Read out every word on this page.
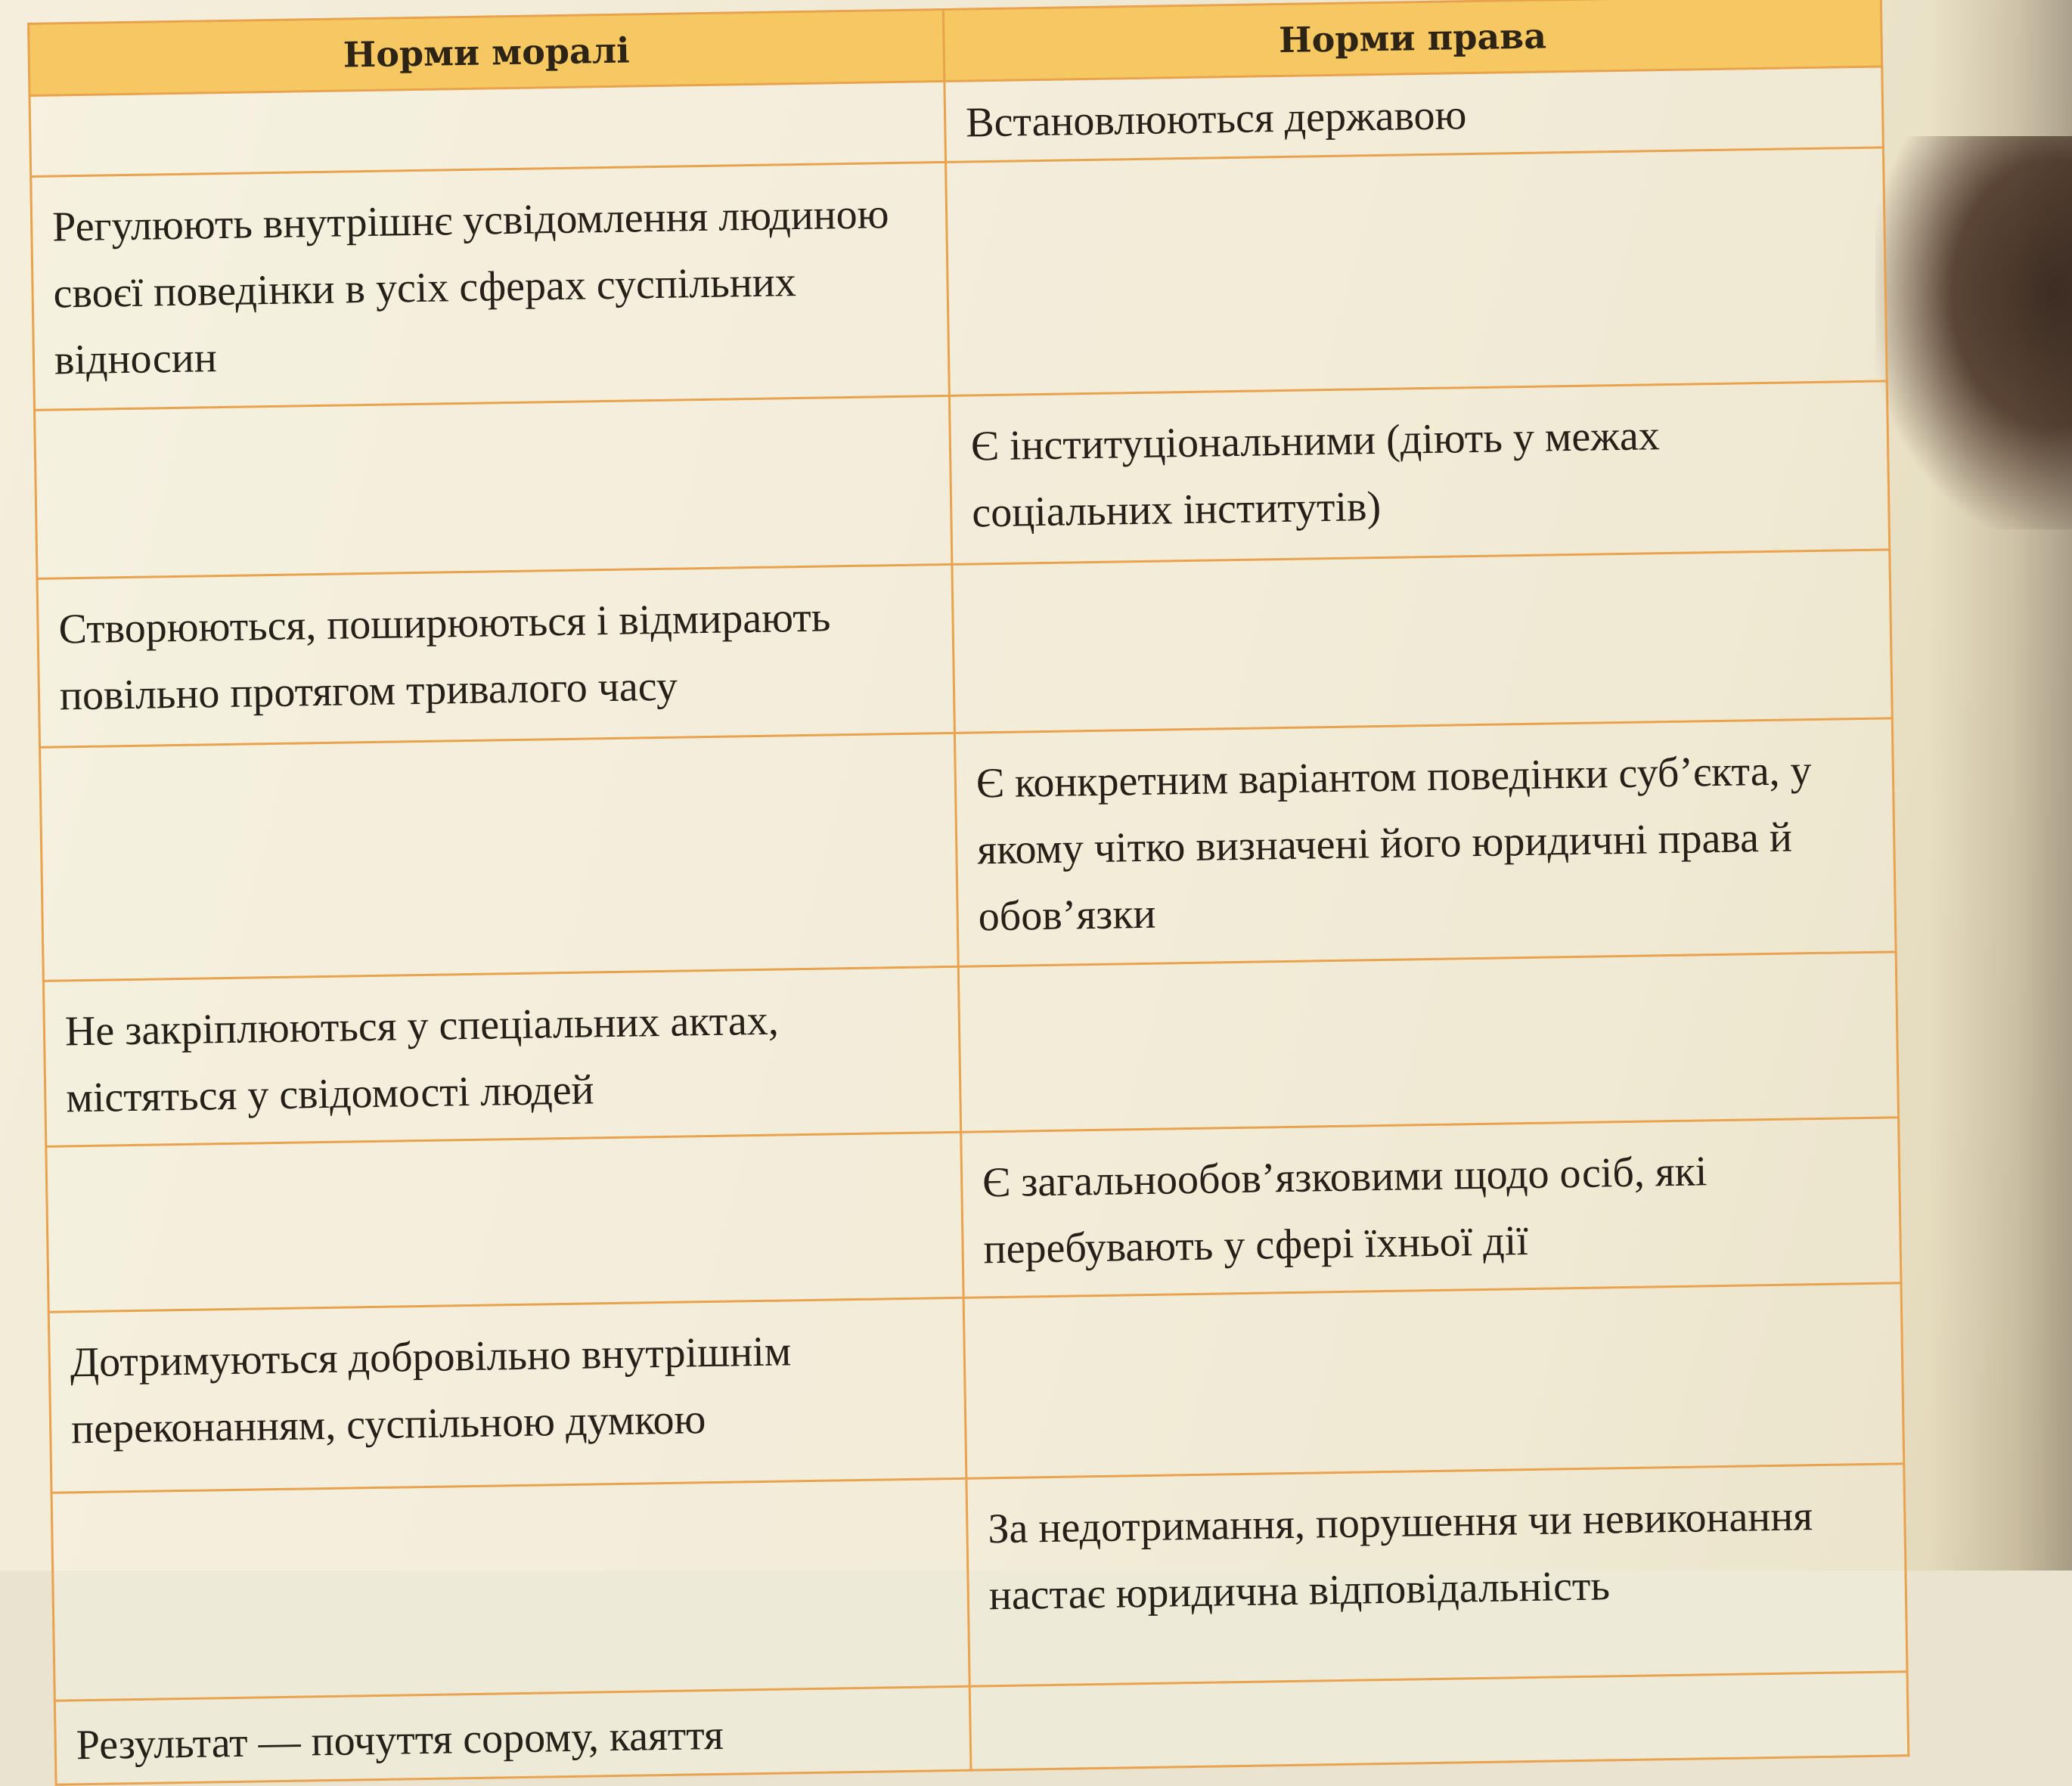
Норми моралі	Норми права
	Встановлюються державою
Регулюють внутрішнє усвідомлення людиною своєї поведінки в усіх сферах суспільних відносин	
	Є інституціональними (діють у межах соціальних інститутів)
Створюються, поширюються і відмирають повільно протягом тривалого часу	
	Є конкретним варіантом поведінки суб’єкта, у якому чітко визначені його юридичні права й обов’язки
Не закріплюються у спеціальних актах, містяться у свідомості людей	
	Є загальнообов’язковими щодо осіб, які перебувають у сфері їхньої дії
Дотримуються добровільно внутрішнім переконанням, суспільною думкою	
	За недотримання, порушення чи невиконання настає юридична відповідальність
Результат — почуття сорому, каяття	
